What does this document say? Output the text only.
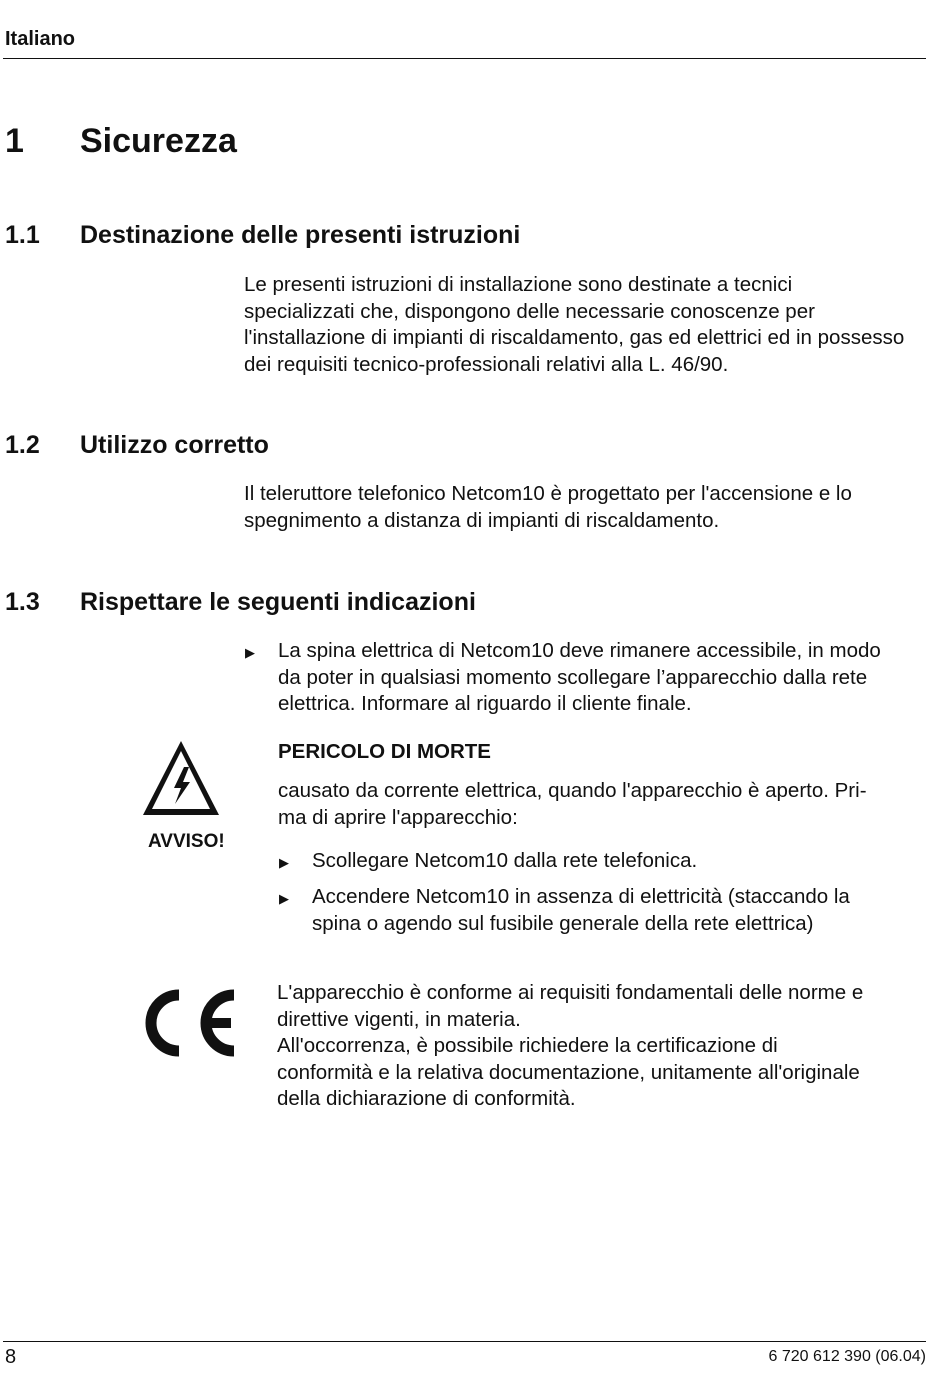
Italiano
1 Sicurezza
1.1 Destinazione delle presenti istruzioni
Le presenti istruzioni di installazione sono destinate a tecnici
specializzati che, dispongono delle necessarie conoscenze per
l'installazione di impianti di riscaldamento, gas ed elettrici ed in possesso
dei requisiti tecnico-professionali relativi alla L. 46/90.
1.2 Utilizzo corretto
Il teleruttore telefonico Netcom10 è progettato per l'accensione e lo
spegnimento a distanza di impianti di riscaldamento.
1.3 Rispettare le seguenti indicazioni
▶ La spina elettrica di Netcom10 deve rimanere accessibile, in modo
da poter in qualsiasi momento scollegare l’apparecchio dalla rete
elettrica. Informare al riguardo il cliente finale.
AVVISO!
PERICOLO DI MORTE
causato da corrente elettrica, quando l'apparecchio è aperto. Pri-
ma di aprire l'apparecchio:
▶ Scollegare Netcom10 dalla rete telefonica.
▶ Accendere Netcom10 in assenza di elettricità (staccando la
spina o agendo sul fusibile generale della rete elettrica)
L'apparecchio è conforme ai requisiti fondamentali delle norme e
direttive vigenti, in materia.
All'occorrenza, è possibile richiedere la certificazione di
conformità e la relativa documentazione, unitamente all'originale
della dichiarazione di conformità.
8	6 720 612 390 (06.04)
